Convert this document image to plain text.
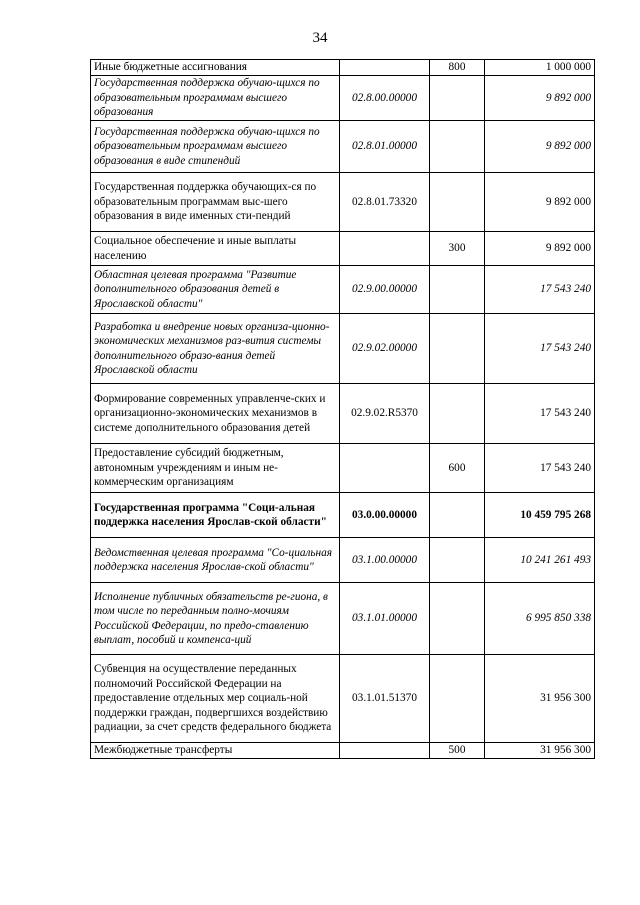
34
Иные бюджетные ассигнования		800	1 000 000
Государственная поддержка обучаю-щихся по образовательным программам высшего образования	02.8.00.00000		9 892 000
Государственная поддержка обучаю-щихся по образовательным программам высшего образования в виде стипендий	02.8.01.00000		9 892 000
Государственная поддержка обучающих-ся по образовательным программам выс-шего образования в виде именных сти-пендий	02.8.01.73320		9 892 000
Социальное обеспечение и иные выплаты населению		300	9 892 000
Областная целевая программа "Развитие дополнительного образования детей в Ярославской области"	02.9.00.00000		17 543 240
Разработка и внедрение новых организа-ционно-экономических механизмов раз-вития системы дополнительного образо-вания детей Ярославской области	02.9.02.00000		17 543 240
Формирование современных управленче-ских и организационно-экономических механизмов в системе дополнительного образования детей	02.9.02.R5370		17 543 240
Предоставление субсидий бюджетным, автономным учреждениям и иным не-коммерческим организациям		600	17 543 240
Государственная программа "Соци-альная поддержка населения Ярослав-ской области"	03.0.00.00000		10 459 795 268
Ведомственная целевая программа "Со-циальная поддержка населения Ярослав-ской области"	03.1.00.00000		10 241 261 493
Исполнение публичных обязательств ре-гиона, в том числе по переданным полно-мочиям Российской Федерации, по предо-ставлению выплат, пособий и компенса-ций	03.1.01.00000		6 995 850 338
Субвенция на осуществление переданных полномочий Российской Федерации на предоставление отдельных мер социаль-ной поддержки граждан, подвергшихся воздействию радиации, за счет средств федерального бюджета	03.1.01.51370		31 956 300
Межбюджетные трансферты		500	31 956 300
